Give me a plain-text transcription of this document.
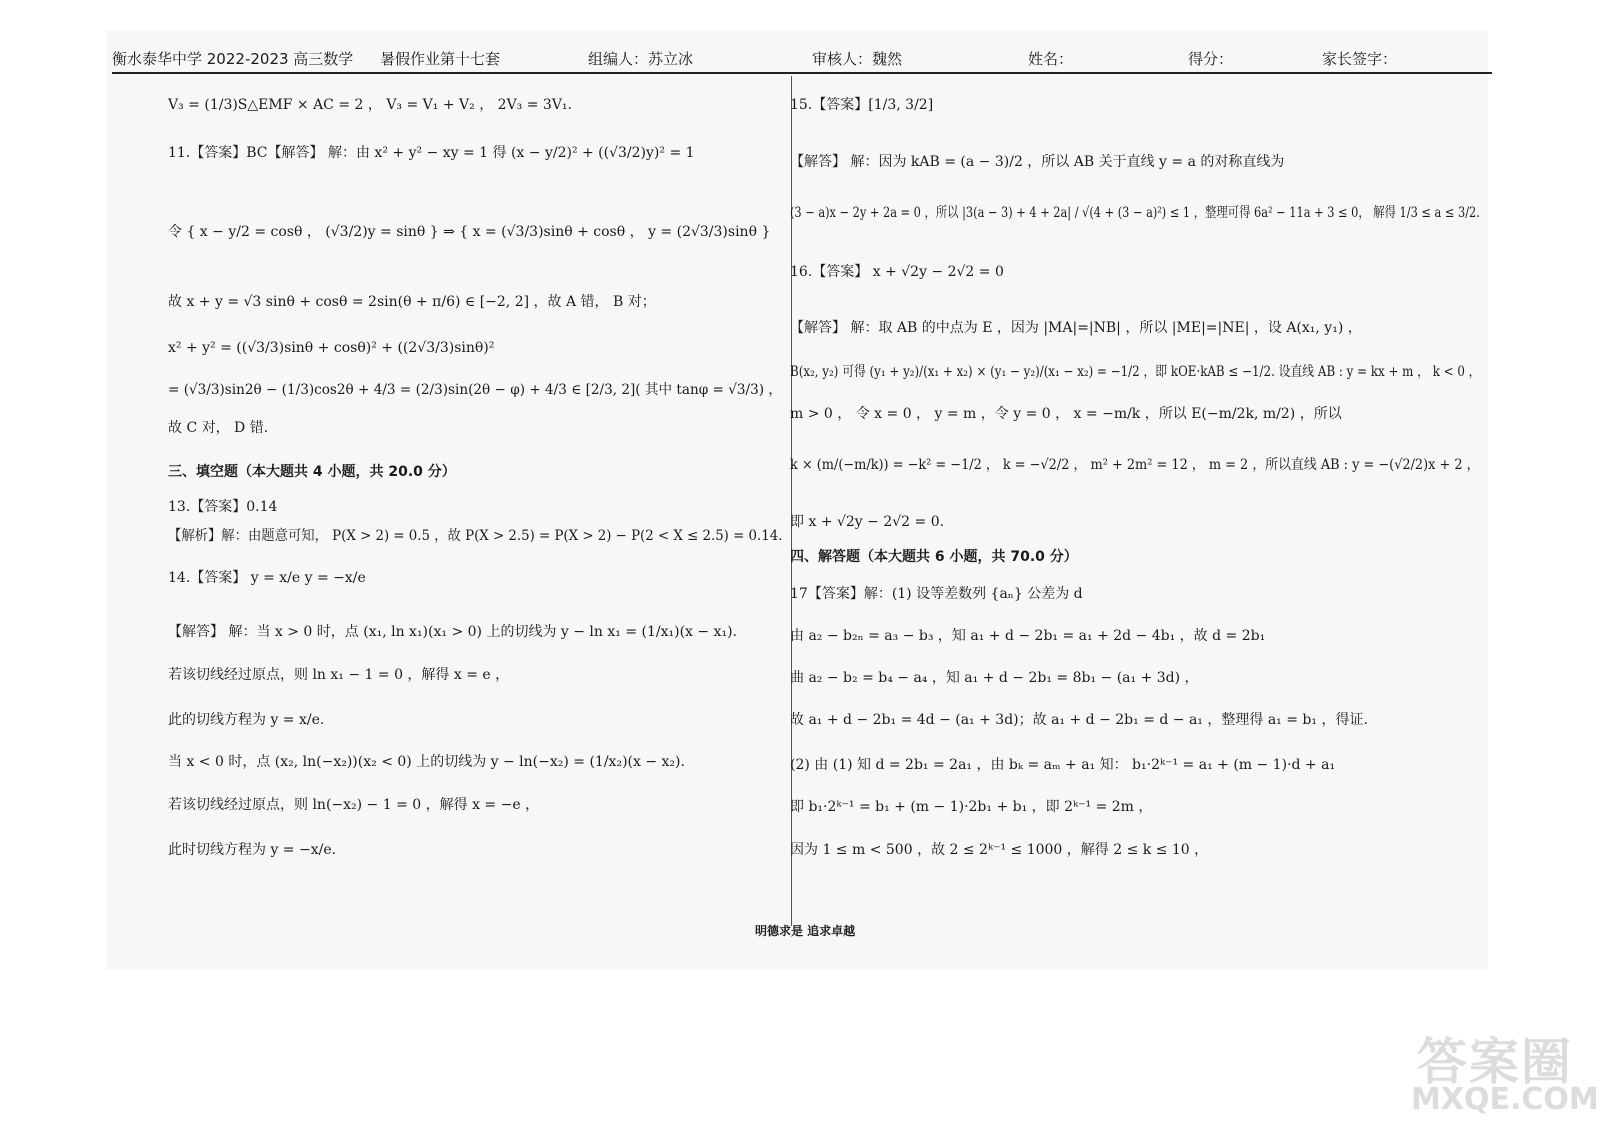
衡水泰华中学 2022-2023 高三数学 暑假作业第十七套	组编人：苏立冰	审核人：魏然	姓名：	得分：	家长签字：
V₃ = (1/3)S△EMF × AC = 2 ， V₃ = V₁ + V₂ ， 2V₃ = 3V₁.
11.【答案】BC【解答】 解：由 x² + y² − xy = 1 得 (x − y/2)² + ((√3/2)y)² = 1
令 { x − y/2 = cosθ ， (√3/2)y = sinθ } ⇒ { x = (√3/3)sinθ + cosθ ， y = (2√3/3)sinθ }
故 x + y = √3 sinθ + cosθ = 2sin(θ + π/6) ∈ [−2, 2] ，故 A 错， B 对；
x² + y² = ((√3/3)sinθ + cosθ)² + ((2√3/3)sinθ)²
= (√3/3)sin2θ − (1/3)cos2θ + 4/3 = (2/3)sin(2θ − φ) + 4/3 ∈ [2/3, 2]( 其中 tanφ = √3/3) ，
故 C 对， D 错．
三、填空题（本大题共 4 小题，共 20.0 分）
13.【答案】0.14
【解析】解：由题意可知， P(X > 2) = 0.5 ，故 P(X > 2.5) = P(X > 2) − P(2 < X ≤ 2.5) = 0.14.
14.【答案】 y = x/e y = −x/e
【解答】 解：当 x > 0 时，点 (x₁, ln x₁)(x₁ > 0) 上的切线为 y − ln x₁ = (1/x₁)(x − x₁).
若该切线经过原点，则 ln x₁ − 1 = 0 ，解得 x = e ，
此的切线方程为 y = x/e.
当 x < 0 时，点 (x₂, ln(−x₂))(x₂ < 0) 上的切线为 y − ln(−x₂) = (1/x₂)(x − x₂).
若该切线经过原点，则 ln(−x₂) − 1 = 0 ，解得 x = −e ，
此时切线方程为 y = −x/e.
15.【答案】[1/3, 3/2]
【解答】 解：因为 kAB = (a − 3)/2 ，所以 AB 关于直线 y = a 的对称直线为
(3 − a)x − 2y + 2a = 0 ，所以 |3(a − 3) + 4 + 2a| / √(4 + (3 − a)²) ≤ 1 ，整理可得 6a² − 11a + 3 ≤ 0， 解得 1/3 ≤ a ≤ 3/2.
16.【答案】 x + √2y − 2√2 = 0
【解答】 解：取 AB 的中点为 E ，因为 |MA|=|NB| ，所以 |ME|=|NE| ，设 A(x₁, y₁) ，
B(x₂, y₂) 可得 (y₁ + y₂)/(x₁ + x₂) × (y₁ − y₂)/(x₁ − x₂) = −1/2 ，即 kOE·kAB ≤ −1/2. 设直线 AB : y = kx + m ， k < 0 ，
m > 0 ， 令 x = 0 ， y = m ，令 y = 0 ， x = −m/k ，所以 E(−m/2k, m/2) ，所以
k × (m/(−m/k)) = −k² = −1/2 ， k = −√2/2 ， m² + 2m² = 12 ， m = 2 ，所以直线 AB : y = −(√2/2)x + 2 ，
即 x + √2y − 2√2 = 0.
四、解答题（本大题共 6 小题，共 70.0 分）
17【答案】解：(1) 设等差数列 {aₙ} 公差为 d
由 a₂ − b₂ₙ = a₃ − b₃ ，知 a₁ + d − 2b₁ = a₁ + 2d − 4b₁ ，故 d = 2b₁
曲 a₂ − b₂ = b₄ − a₄ ，知 a₁ + d − 2b₁ = 8b₁ − (a₁ + 3d) ，
故 a₁ + d − 2b₁ = 4d − (a₁ + 3d)；故 a₁ + d − 2b₁ = d − a₁ ，整理得 a₁ = b₁ ，得证.
(2) 由 (1) 知 d = 2b₁ = 2a₁ ，由 bₖ = aₘ + a₁ 知： b₁·2ᵏ⁻¹ = a₁ + (m − 1)·d + a₁
即 b₁·2ᵏ⁻¹ = b₁ + (m − 1)·2b₁ + b₁ ，即 2ᵏ⁻¹ = 2m ，
因为 1 ≤ m < 500 ，故 2 ≤ 2ᵏ⁻¹ ≤ 1000 ，解得 2 ≤ k ≤ 10 ，
明德求是 追求卓越
答案圈
MXQE.COM
